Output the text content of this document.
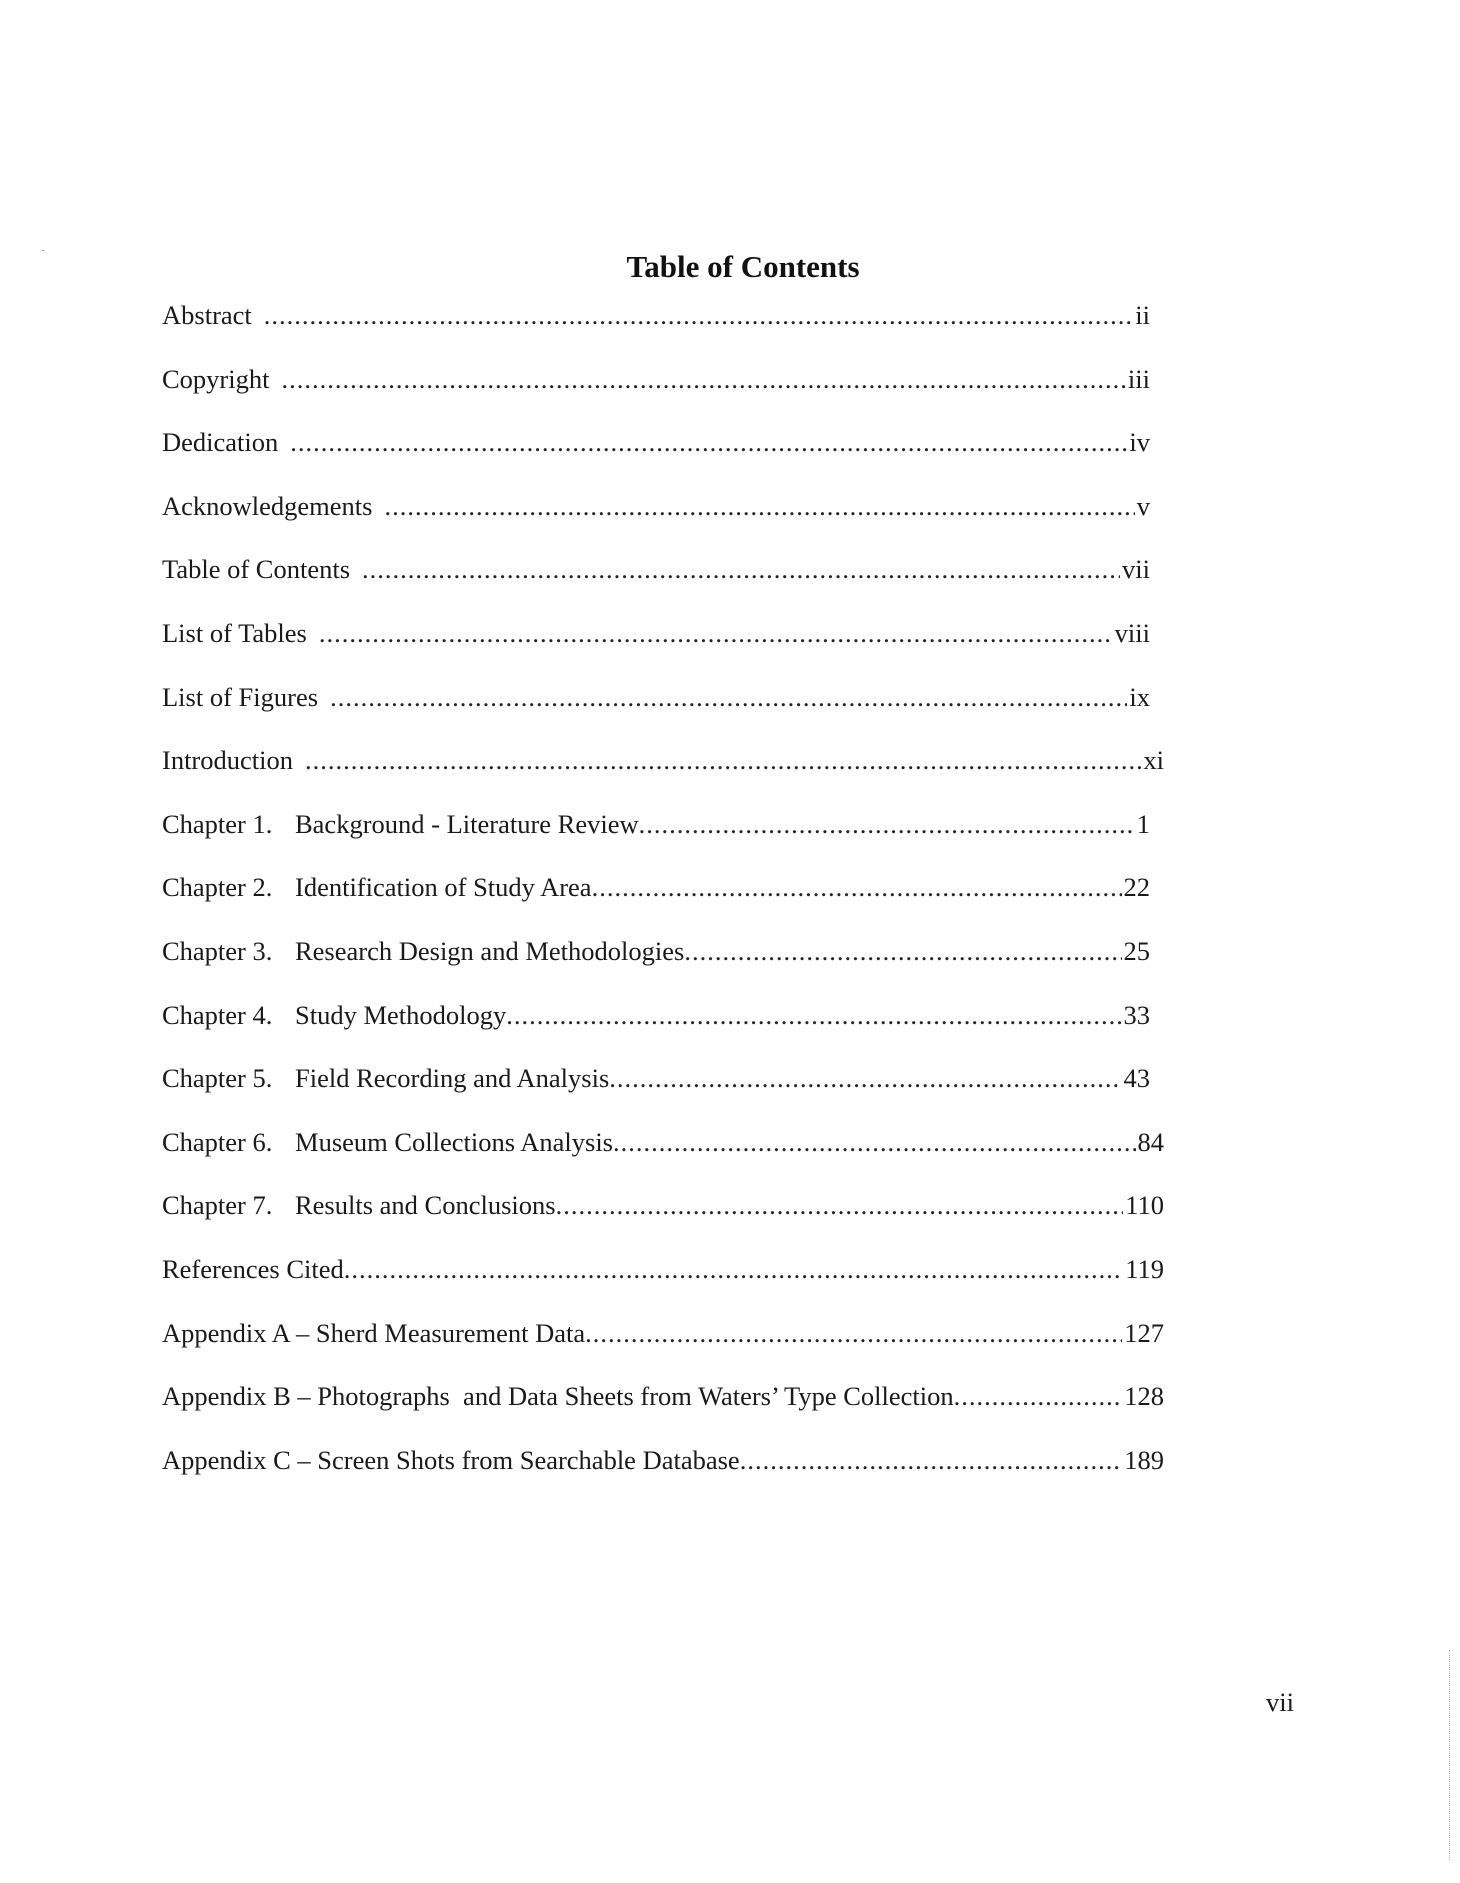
Table of Contents
Abstract .....	ii
Copyright .....	iii
Dedication .....	iv
Acknowledgements .....	v
Table of Contents .....	vii
List of Tables .....	viii
List of Figures .....	ix
Introduction .....	xi
Chapter 1. Background - Literature Review .....	1
Chapter 2. Identification of Study Area .....	22
Chapter 3. Research Design and Methodologies .....	25
Chapter 4. Study Methodology .....	33
Chapter 5. Field Recording and Analysis .....	43
Chapter 6. Museum Collections Analysis .....	84
Chapter 7. Results and Conclusions .....	110
References Cited .....	119
Appendix A – Sherd Measurement Data .....	127
Appendix B – Photographs  and Data Sheets from Waters’ Type Collection .....	128
Appendix C – Screen Shots from Searchable Database .....	189
vii
